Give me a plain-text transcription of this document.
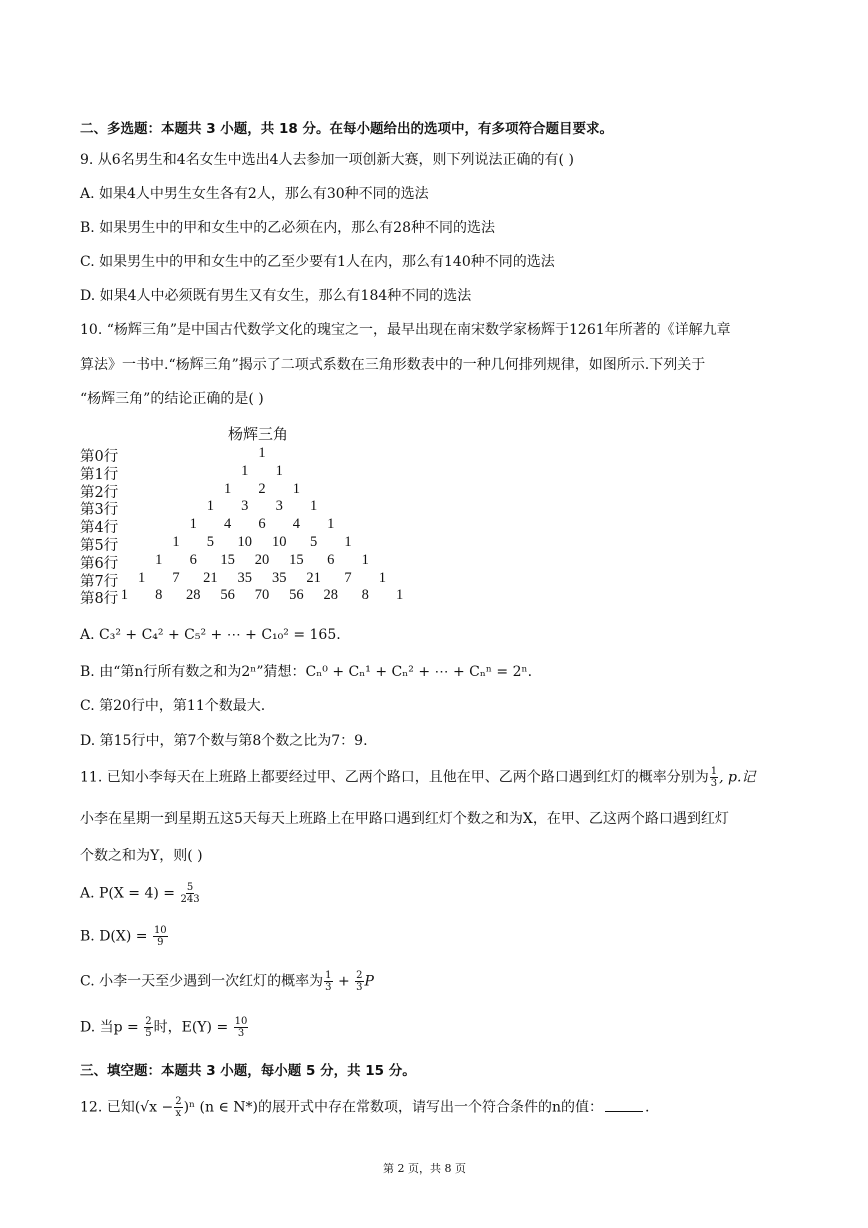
二、多选题：本题共 3 小题，共 18 分。在每小题给出的选项中，有多项符合题目要求。
9. 从6名男生和4名女生中选出4人去参加一项创新大赛，则下列说法正确的有( )
A. 如果4人中男生女生各有2人，那么有30种不同的选法
B. 如果男生中的甲和女生中的乙必须在内，那么有28种不同的选法
C. 如果男生中的甲和女生中的乙至少要有1人在内，那么有140种不同的选法
D. 如果4人中必须既有男生又有女生，那么有184种不同的选法
10. “杨辉三角”是中国古代数学文化的瑰宝之一，最早出现在南宋数学家杨辉于1261年所著的《详解九章
算法》一书中.“杨辉三角”揭示了二项式系数在三角形数表中的一种几何排列规律，如图所示.下列关于
“杨辉三角”的结论正确的是( )
杨辉三角
第0行	1
第1行	1	1
第2行	1	2	1
第3行	1	3	3	1
第4行	1	4	6	4	1
第5行	1	5	10	10	5	1
第6行	1	6	15	20	15	6	1
第7行	1	7	21	35	35	21	7	1
第8行 1	8	28	56	70	56	28	8	1
A. C₃² + C₄² + C₅² + ⋯ + C₁₀² = 165.
B. 由“第n行所有数之和为2ⁿ”猜想：Cₙ⁰ + Cₙ¹ + Cₙ² + ⋯ + Cₙⁿ = 2ⁿ.
C. 第20行中，第11个数最大.
D. 第15行中，第7个数与第8个数之比为7：9.
11. 已知小李每天在上班路上都要经过甲、乙两个路口，且他在甲、乙两个路口遇到红灯的概率分别为 $\frac{1}{3}$ , p.记
小李在星期一到星期五这5天每天上班路上在甲路口遇到红灯个数之和为X，在甲、乙这两个路口遇到红灯
个数之和为Y，则( )
A. $P(X = 4) = \frac{5}{243}$
B. $D(X) = \frac{10}{9}$
C. 小李一天至少遇到一次红灯的概率为 $\frac{1}{3} + \frac{2}{3}$ P
D. 当$p = \frac{2}{5}$ 时，$E(Y) = \frac{10}{3}$
三、填空题：本题共 3 小题，每小题 5 分，共 15 分。
12. 已知$(√x - \frac{2}{x} )^n$ (n ∈ N*)的展开式中存在常数项，请写出一个符合条件的n的值：	.
第 2 页，共 8 页
